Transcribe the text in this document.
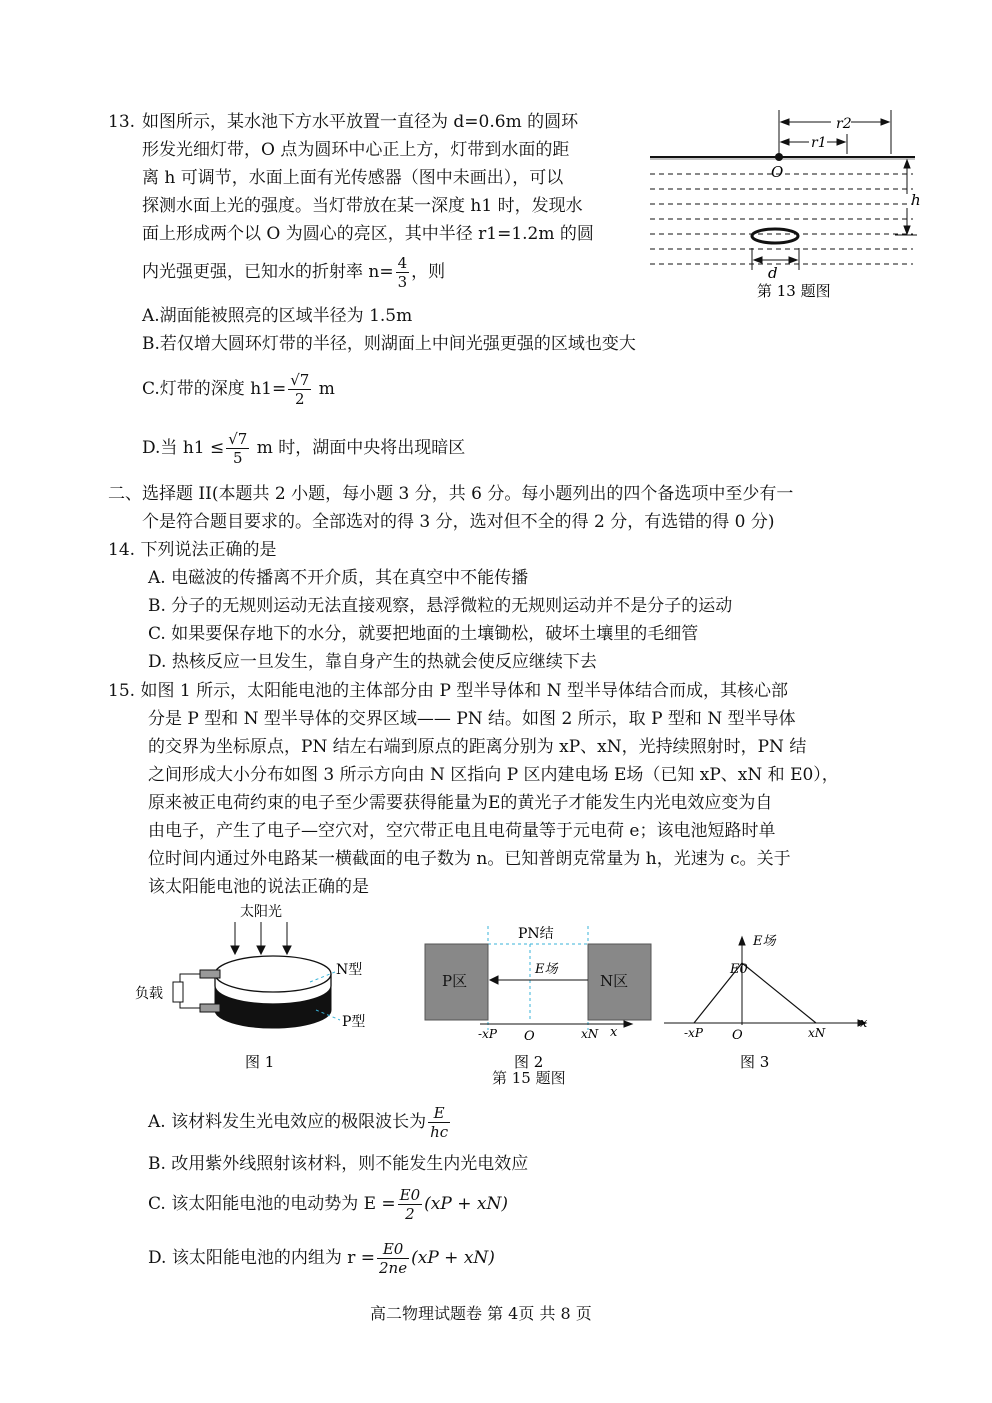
13. 如图所示，某水池下方水平放置一直径为 d=0.6m 的圆环
形发光细灯带，O 点为圆环中心正上方，灯带到水面的距
离 h 可调节，水面上面有光传感器（图中未画出），可以
探测水面上光的强度。当灯带放在某一深度 h1 时，发现水
面上形成两个以 O 为圆心的亮区，其中半径 r1=1.2m 的圆
内光强更强，已知水的折射率 $n= \frac{4}{3}$ ，则
A.湖面能被照亮的区域半径为 1.5m
B.若仅增大圆环灯带的半径，则湖面上中间光强更强的区域也变大
C.灯带的深度 $h1= \frac{√7}{2}$ m
D.当 $h1 \le \frac{√7}{5}$ m 时，湖面中央将出现暗区
r2
r1
O
h
d
第 13 题图
二、选择题 II(本题共 2 小题，每小题 3 分，共 6 分。每小题列出的四个备选项中至少有一
个是符合题目要求的。全部选对的得 3 分，选对但不全的得 2 分，有选错的得 0 分)
14. 下列说法正确的是
A. 电磁波的传播离不开介质，其在真空中不能传播
B. 分子的无规则运动无法直接观察，悬浮微粒的无规则运动并不是分子的运动
C. 如果要保存地下的水分，就要把地面的土壤锄松，破坏土壤里的毛细管
D. 热核反应一旦发生，靠自身产生的热就会使反应继续下去
15. 如图 1 所示，太阳能电池的主体部分由 P 型半导体和 N 型半导体结合而成，其核心部
分是 P 型和 N 型半导体的交界区域—— PN 结。如图 2 所示，取 P 型和 N 型半导体
的交界为坐标原点，PN 结左右端到原点的距离分别为 xP、xN，光持续照射时，PN 结
之间形成大小分布如图 3 所示方向由 N 区指向 P 区内建电场 E场（已知 xP、xN 和 E0），
原来被正电荷约束的电子至少需要获得能量为E的黄光子才能发生内光电效应变为自
由电子，产生了电子—空穴对，空穴带正电且电荷量等于元电荷 e；该电池短路时单
位时间内通过外电路某一横截面的电子数为 n。已知普朗克常量为 h，光速为 c。关于
该太阳能电池的说法正确的是
太阳光
负载
N型
P型
图 1
PN结
P区	N区
E场
-xP O	xN x
图 2
第 15 题图
E场
E0
-xP O	xN
x
图 3
A. 该材料发生光电效应的极限波长为 $\frac{E}{hc}$
B. 改用紫外线照射该材料，则不能发生内光电效应
C. 该太阳能电池的电动势为 $E = \frac{E0}{2} (xP + xN)$
D. 该太阳能电池的内组为 $r = \frac{E0}{2ne} (xP + xN)$
高二物理试题卷 第 4页 共 8 页
